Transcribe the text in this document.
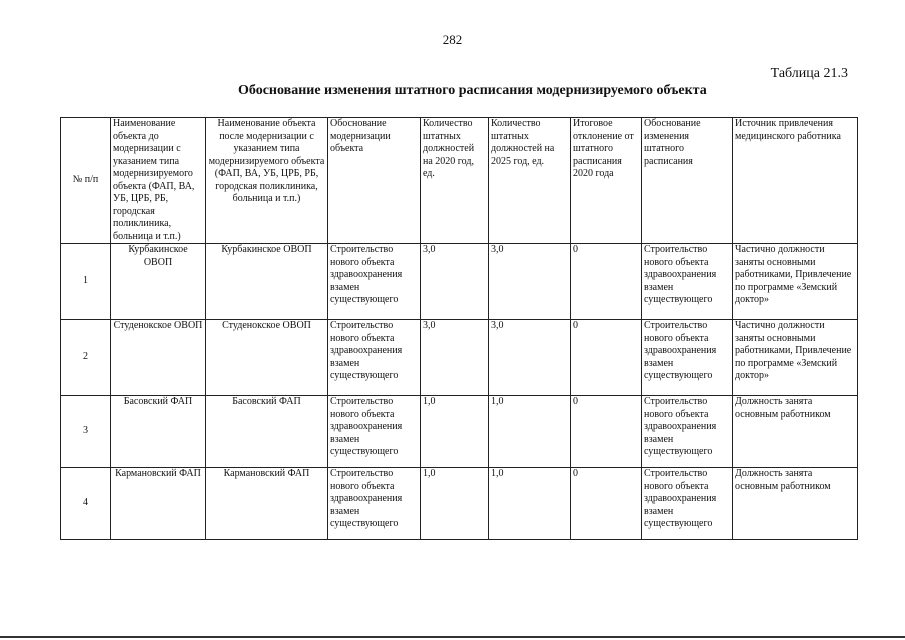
282
Таблица 21.3
Обоснование изменения штатного расписания модернизируемого объекта
№ п/п	Наименование объекта до модернизации с указанием типа модернизируемого объекта (ФАП, ВА, УБ, ЦРБ, РБ, городская поликлиника, больница и т.п.)	Наименование объекта после модернизации с указанием типа модернизируемого объекта (ФАП, ВА, УБ, ЦРБ, РБ, городская поликлиника, больница и т.п.)	Обоснование модернизации объекта	Количество штатных должностей на 2020 год, ед.	Количество штатных должностей на 2025 год, ед.	Итоговое отклонение от штатного расписания 2020 года	Обоснование изменения штатного расписания	Источник привлечения медицинского работника
1	Курбакинское ОВОП	Курбакинское ОВОП	Строительство нового объекта здравоохранения взамен существующего	3,0	3,0	0	Строительство нового объекта здравоохранения взамен существующего	Частично должности заняты основными работниками, Привлечение по программе «Земский доктор»
2	Студенокское ОВОП	Студенокское ОВОП	Строительство нового объекта здравоохранения взамен существующего	3,0	3,0	0	Строительство нового объекта здравоохранения взамен существующего	Частично должности заняты основными работниками, Привлечение по программе «Земский доктор»
3	Басовский ФАП	Басовский ФАП	Строительство нового объекта здравоохранения взамен существующего	1,0	1,0	0	Строительство нового объекта здравоохранения взамен существующего	Должность занята основным работником
4	Кармановский ФАП	Кармановский ФАП	Строительство нового объекта здравоохранения взамен существующего	1,0	1,0	0	Строительство нового объекта здравоохранения взамен существующего	Должность занята основным работником
